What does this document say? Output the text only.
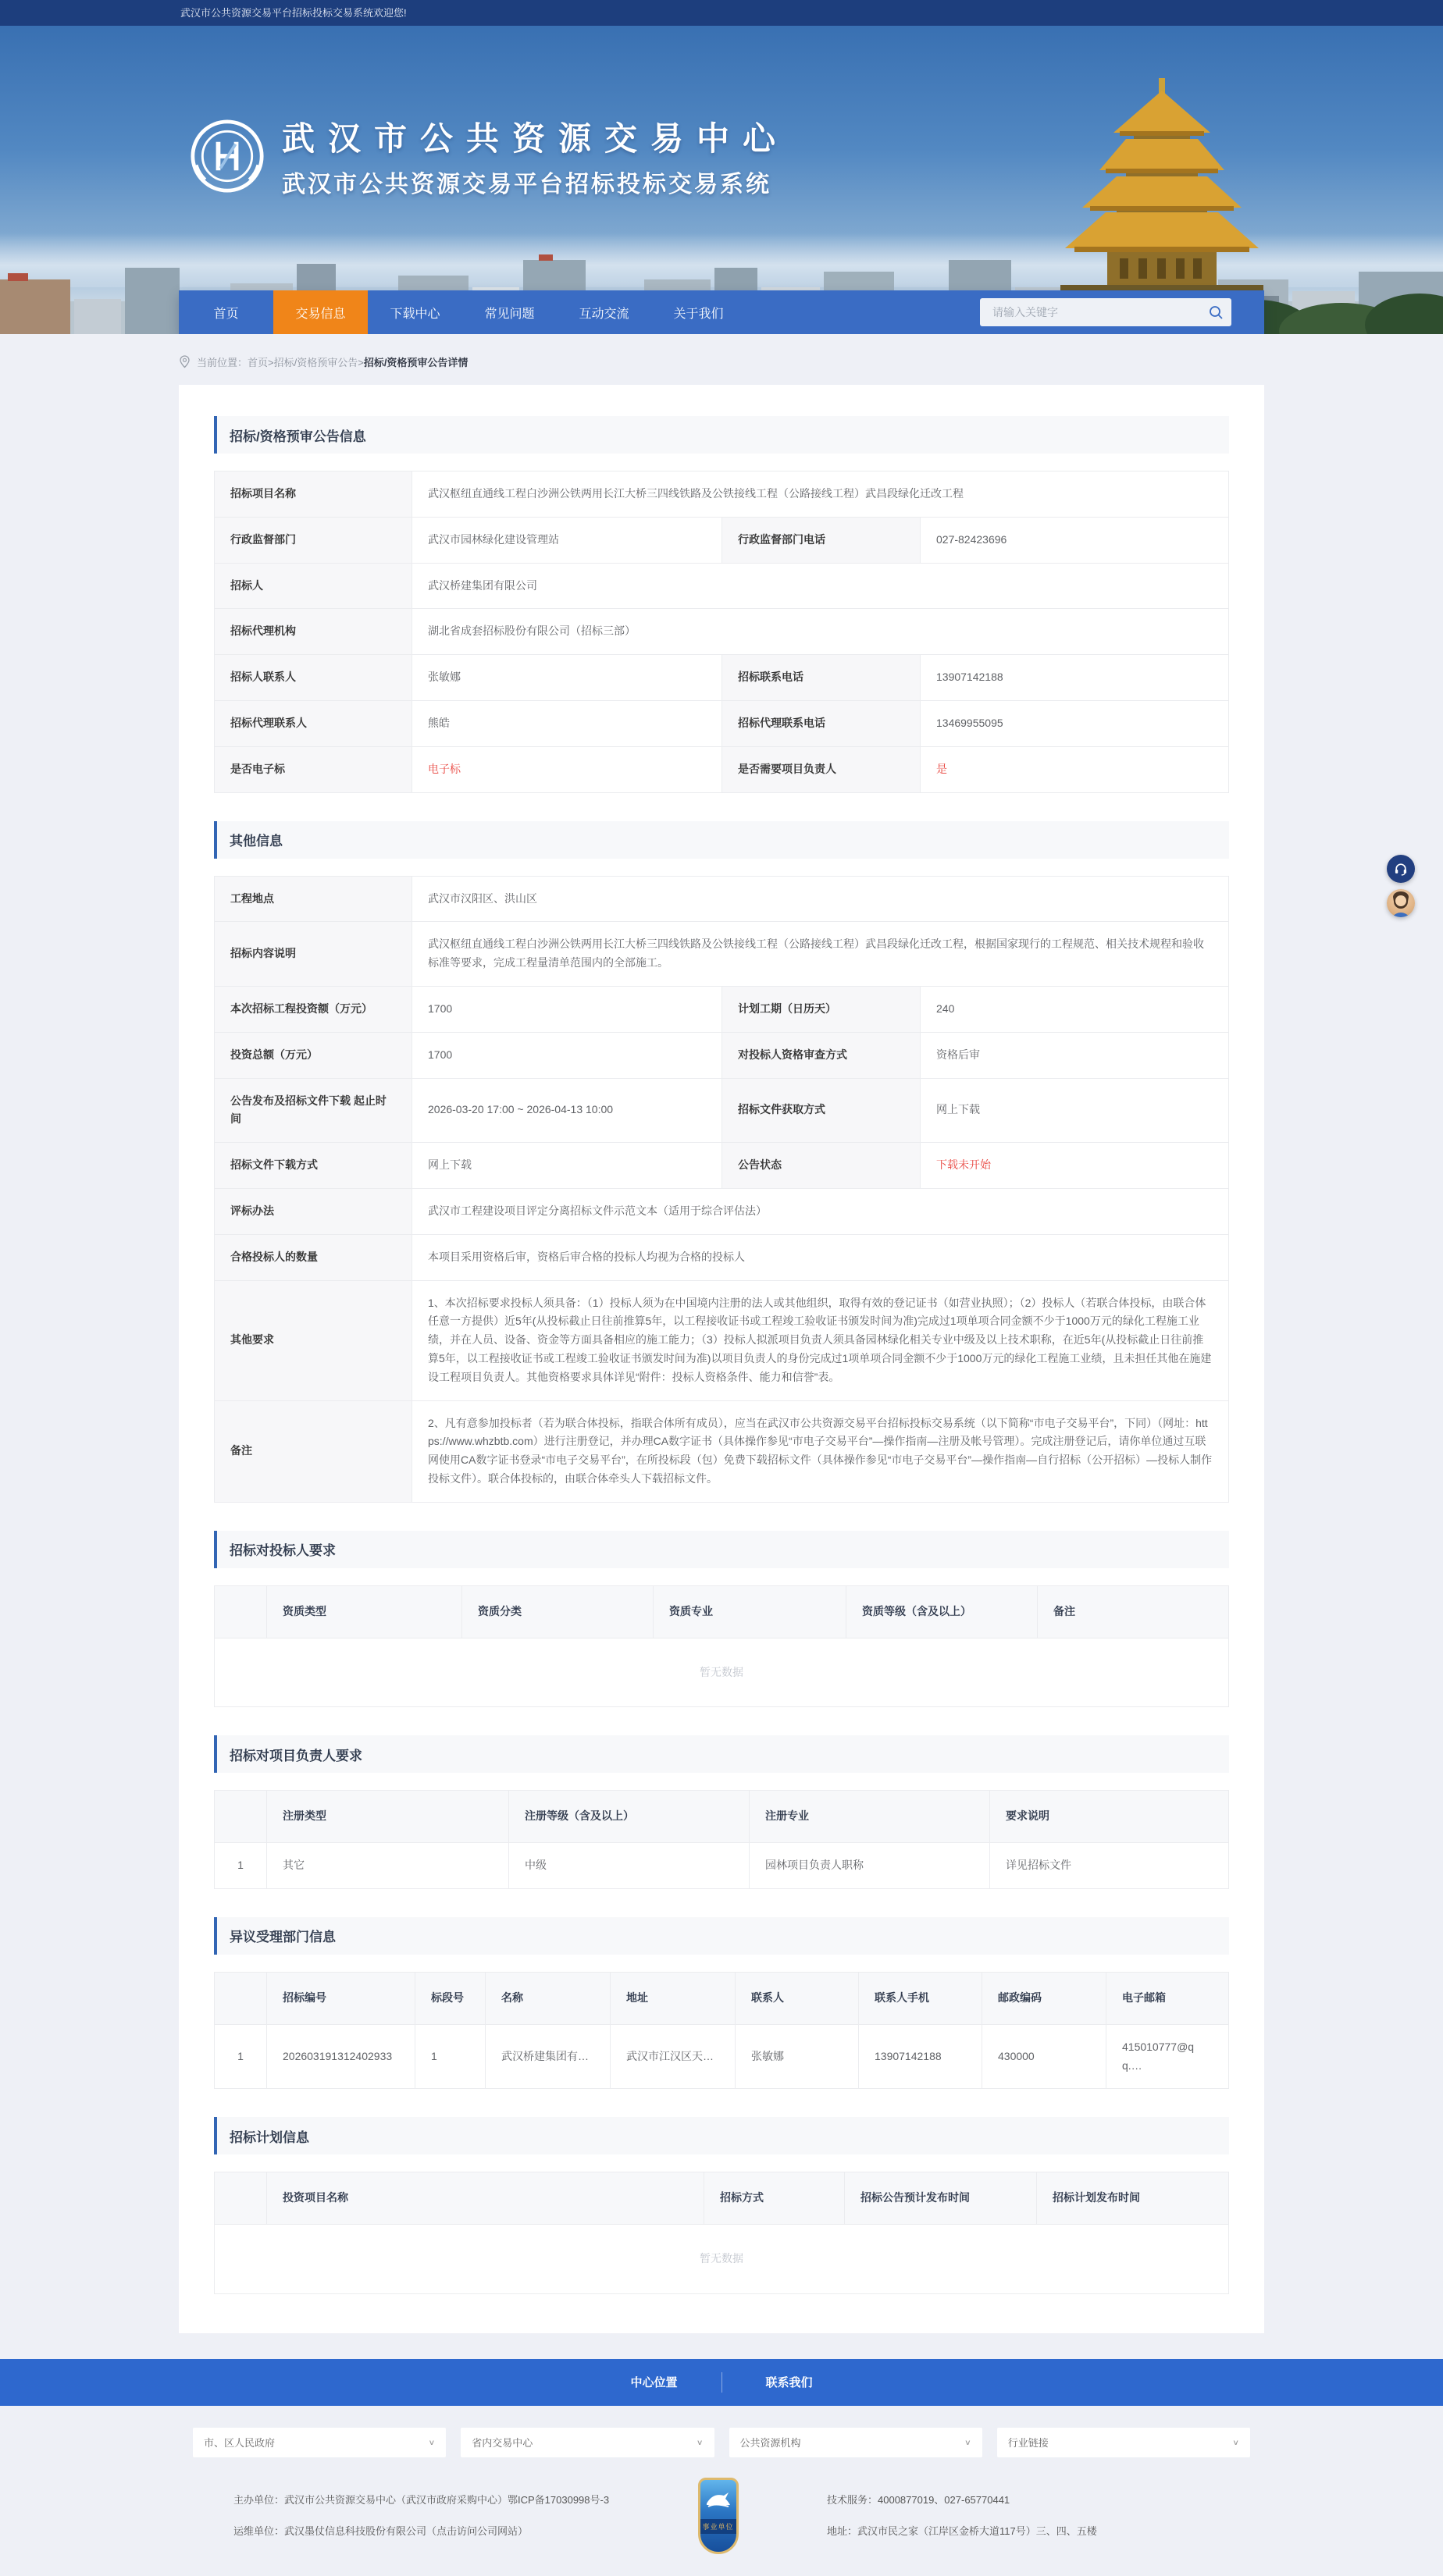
武汉市公共资源交易平台招标投标交易系统欢迎您!
武汉市公共资源交易中心
武汉市公共资源交易平台招标投标交易系统
首页	交易信息	下载中心	常见问题	互动交流	关于我们
请输入关键字
当前位置： 首页>招标/资格预审公告> 招标/资格预审公告详情
招标/资格预审公告信息
招标项目名称	武汉枢纽直通线工程白沙洲公铁两用长江大桥三四线铁路及公铁接线工程（公路接线工程）武昌段绿化迁改工程		
行政监督部门	武汉市园林绿化建设管理站	行政监督部门电话	027-82423696
招标人	武汉桥建集团有限公司		
招标代理机构	湖北省成套招标股份有限公司（招标三部）		
招标人联系人	张敏娜	招标联系电话	13907142188
招标代理联系人	熊皓	招标代理联系电话	13469955095
是否电子标	电子标	是否需要项目负责人	是
其他信息
工程地点	武汉市汉阳区、洪山区		
招标内容说明	武汉枢纽直通线工程白沙洲公铁两用长江大桥三四线铁路及公铁接线工程（公路接线工程）武昌段绿化迁改工程，根据国家现行的工程规范、相关技术规程和验收标准等要求，完成工程量清单范围内的全部施工。		
本次招标工程投资额（万元）	1700	计划工期（日历天）	240
投资总额（万元）	1700	对投标人资格审查方式	资格后审
公告发布及招标文件下载 起止时间	2026-03-20 17:00 ~ 2026-04-13 10:00	招标文件获取方式	网上下载
招标文件下载方式	网上下载	公告状态	下载未开始
评标办法	武汉市工程建设项目评定分离招标文件示范文本（适用于综合评估法）		
合格投标人的数量	本项目采用资格后审，资格后审合格的投标人均视为合格的投标人		
其他要求	1、本次招标要求投标人须具备：（1）投标人须为在中国境内注册的法人或其他组织，取得有效的登记证书（如营业执照）；（2）投标人（若联合体投标，由联合体任意一方提供）近5年(从投标截止日往前推算5年，以工程接收证书或工程竣工验收证书颁发时间为准)完成过1项单项合同金额不少于1000万元的绿化工程施工业绩，并在人员、设备、资金等方面具备相应的施工能力；（3）投标人拟派项目负责人须具备园林绿化相关专业中级及以上技术职称，在近5年(从投标截止日往前推算5年，以工程接收证书或工程竣工验收证书颁发时间为准)以项目负责人的身份完成过1项单项合同金额不少于1000万元的绿化工程施工业绩，且未担任其他在施建设工程项目负责人。其他资格要求具体详见“附件：投标人资格条件、能力和信誉”表。		
备注	2、凡有意参加投标者（若为联合体投标，指联合体所有成员），应当在武汉市公共资源交易平台招标投标交易系统（以下简称“市电子交易平台”，下同）（网址：https://www.whzbtb.com）进行注册登记，并办理CA数字证书（具体操作参见“市电子交易平台”—操作指南—注册及帐号管理）。完成注册登记后，请你单位通过互联网使用CA数字证书登录“市电子交易平台”，在所投标段（包）免费下载招标文件（具体操作参见“市电子交易平台”—操作指南—自行招标（公开招标）—投标人制作投标文件）。联合体投标的，由联合体牵头人下载招标文件。		
招标对投标人要求
	资质类型	资质分类	资质专业	资质等级（含及以上）	备注
暂无数据
招标对项目负责人要求
	注册类型	注册等级（含及以上）	注册专业	要求说明
1	其它	中级	园林项目负责人职称	详见招标文件
异议受理部门信息
	招标编号	标段号	名称	地址	联系人	联系人手机	邮政编码	电子邮箱
1	202603191312402933	1	武汉桥建集团有…	武汉市江汉区天…	张敏娜	13907142188	430000	415010777@qq.…
招标计划信息
	投资项目名称	招标方式	招标公告预计发布时间	招标计划发布时间
暂无数据
中心位置	联系我们
市、区人民政府	∨	省内交易中心	∨	公共资源机构	∨	行业链接	∨
主办单位：武汉市公共资源交易中心（武汉市政府采购中心）鄂ICP备17030998号-3
运维单位：武汉墨仗信息科技股份有限公司（点击访问公司网站）	事业单位
技术服务：4000877019、027-65770441
地址：武汉市民之家（江岸区金桥大道117号）三、四、五楼
